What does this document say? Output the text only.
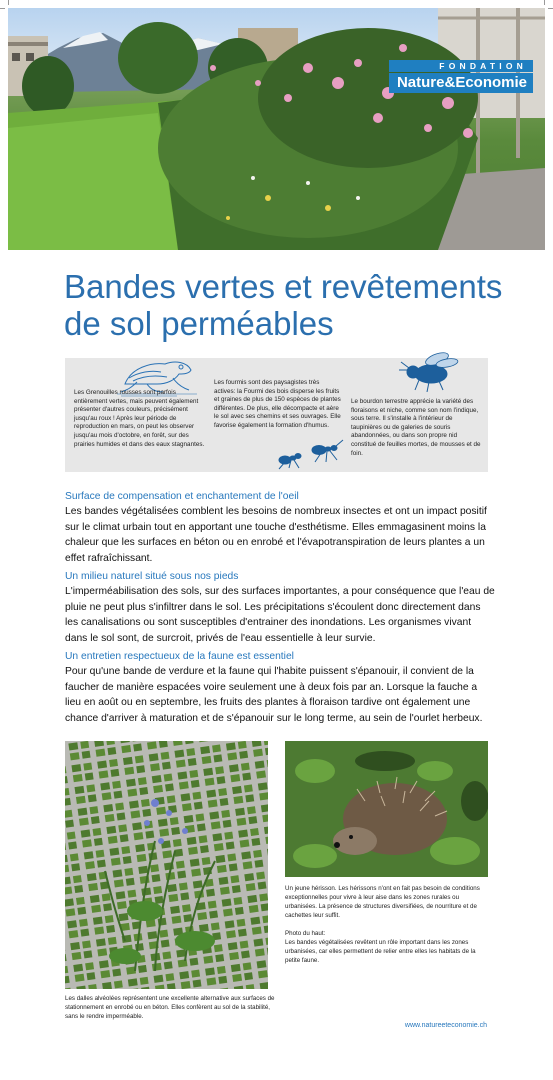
FONDATION
Nature&Economie
Bandes vertes et revêtements
de sol perméables

Les Grenouilles rousses sont parfois entièrement vertes, mais peuvent également présenter d'autres couleurs, précisément jusqu'au roux ! Après leur période de reproduction en mars, on peut les observer jusqu'au mois d'octobre, en forêt, sur des prairies humides et dans des eaux stagnantes.

Les fourmis sont des paysagistes très actives: la Fourmi des bois disperse les fruits et graines de plus de 150 espèces de plantes différentes. De plus, elle décompacte et aère le sol avec ses chemins et ses ouvrages. Elle favorise également la formation d'humus.

Le bourdon terrestre apprécie la variété des floraisons et niche, comme son nom l'indique, sous terre. Il s'installe à l'intérieur de taupinières ou de galeries de souris abandonnées, ou dans son propre nid constitué de feuilles mortes, de mousses et de foin.

Surface de compensation et enchantement de l'oeil

Les bandes végétalisées comblent les besoins de nombreux insectes et ont un impact positif sur le climat urbain tout en apportant une touche d'esthétisme. Elles emmagasinent moins la chaleur que les surfaces en béton ou en enrobé et l'évapotranspiration de leurs plantes a un effet rafraîchissant.

Un milieu naturel situé sous nos pieds

L'imperméabilisation des sols, sur des surfaces importantes, a pour conséquence que l'eau de pluie ne peut plus s'infiltrer dans le sol. Les précipitations s'écoulent donc directement dans les canalisations ou sont susceptibles d'entrainer des inondations. Les organismes vivant dans le sol sont, de surcroit, privés de l'eau essentielle à leur survie.

Un entretien respectueux de la faune est essentiel

Pour qu'une bande de verdure et la faune qui l'habite puissent s'épanouir, il convient de la faucher de manière espacées voire seulement une à deux fois par an. Lorsque la fauche a lieu en août ou en septembre, les fruits des plantes à floraison tardive ont également une chance d'arriver à maturation et de s'épanouir sur le long terme, au sein de l'ourlet herbeux.

Les dalles alvéolées représentent une excellente alternative aux surfaces de stationnement en enrobé ou en béton. Elles confèrent au sol de la stabilité, sans le rendre imperméable.

Un jeune hérisson. Les hérissons n'ont en fait pas besoin de conditions exceptionnelles pour vivre à leur aise dans les zones rurales ou urbanisées. La présence de structures diversifiées, de nourriture et de cachettes leur suffit.

Photo du haut:

Les bandes végétalisées revêtent un rôle important dans les zones urbanisées, car elles permettent de relier entre elles les habitats de la petite faune.

www.natureeteconomie.ch
